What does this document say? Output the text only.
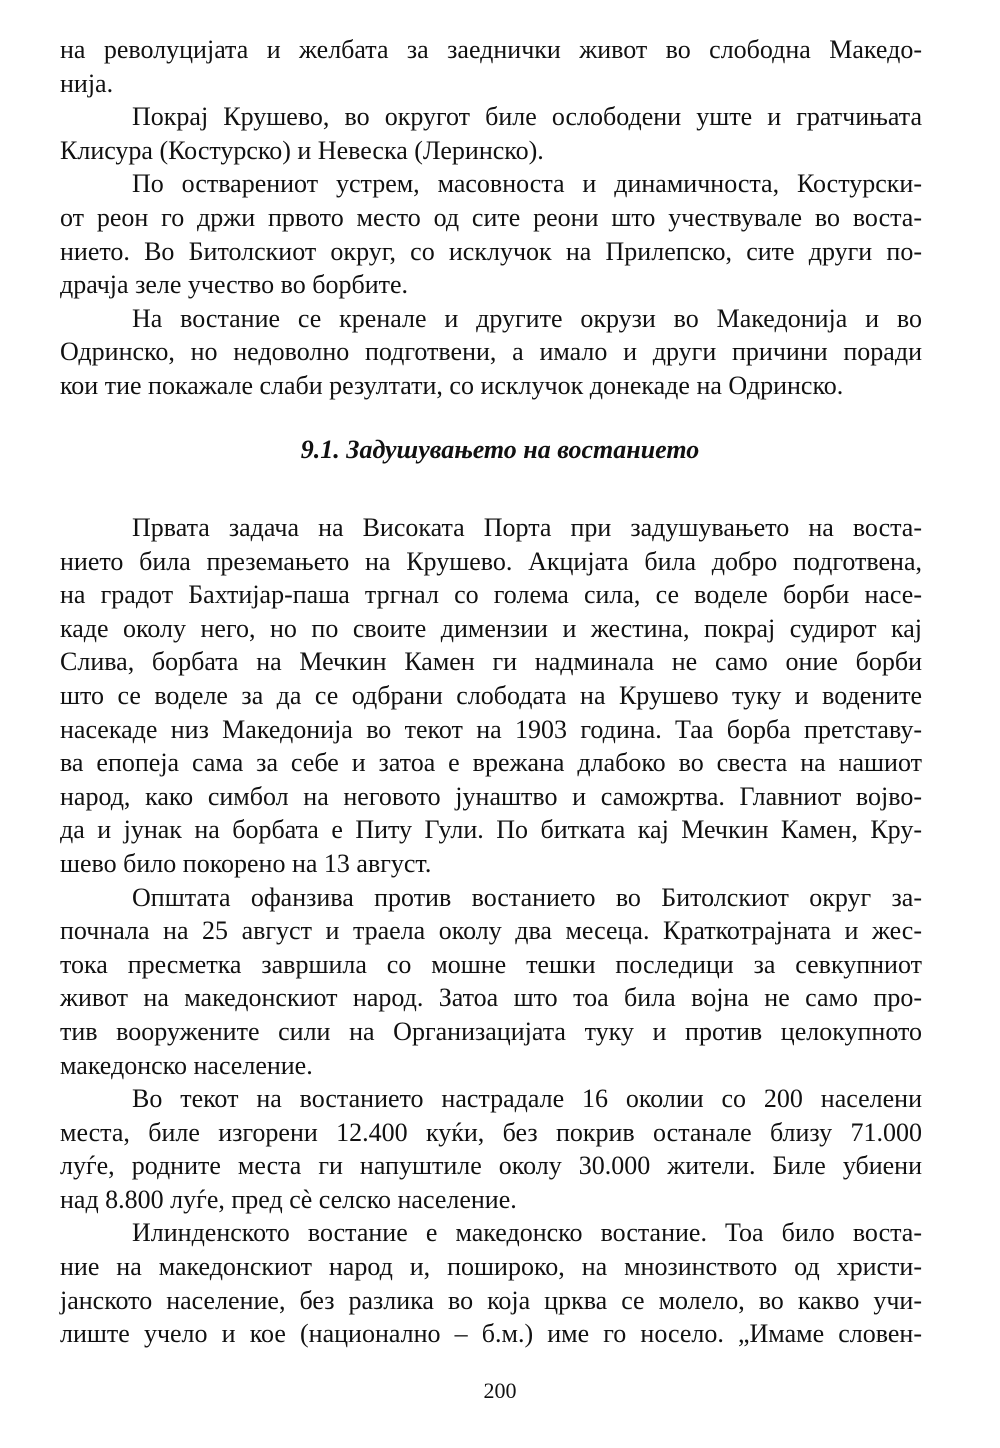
на револуцијата и желбата за заеднички живот во слободна Македо-
нија.
Покрај Крушево, во округот биле ослободени уште и гратчињата
Клисура (Костурско) и Невеска (Леринско).
По остварениот устрем, масовноста и динамичноста, Костурски-
от реон го држи првото место од сите реони што учествувале во воста-
нието. Во Битолскиот округ, со исклучок на Прилепско, сите други по-
драчја зеле учество во борбите.
На востание се кренале и другите окрузи во Македонија и во
Одринско, но недоволно подготвени, а имало и други причини поради
кои тие покажале слаби резултати, со исклучок донекаде на Одринско.
9.1. Задушувањето на востанието
Првата задача на Високата Порта при задушувањето на воста-
нието била преземањето на Крушево. Акцијата била добро подготвена,
на градот Бахтијар-паша тргнал со голема сила, се воделе борби насе-
каде околу него, но по своите димензии и жестина, покрај судирот кај
Слива, борбата на Мечкин Камен ги надминала не само оние борби
што се воделе за да се одбрани слободата на Крушево туку и водените
насекаде низ Македонија во текот на 1903 година. Таа борба претставу-
ва епопеја сама за себе и затоа е врежана длабоко во свеста на нашиот
народ, како симбол на неговото јунаштво и саможртва. Главниот војво-
да и јунак на борбата е Питу Гули. По битката кај Мечкин Камен, Кру-
шево било покорено на 13 август.
Општата офанзива против востанието во Битолскиот округ за-
почнала на 25 август и траела околу два месеца. Краткотрајната и жес-
тока пресметка завршила со мошне тешки последици за севкупниот
живот на македонскиот народ. Затоа што тоа била војна не само про-
тив вооружените сили на Организацијата туку и против целокупното
македонско население.
Во текот на востанието настрадале 16 околии со 200 населени
места, биле изгорени 12.400 куќи, без покрив останале близу 71.000
луѓе, родните места ги напуштиле околу 30.000 жители. Биле убиени
над 8.800 луѓе, пред сè селско население.
Илинденското востание е македонско востание. Тоа било воста-
ние на македонскиот народ и, пошироко, на мнозинството од христи-
јанското население, без разлика во која црква се молело, во какво учи-
лиште учело и кое (национално – б.м.) име го носело. „Имаме словен-
200
